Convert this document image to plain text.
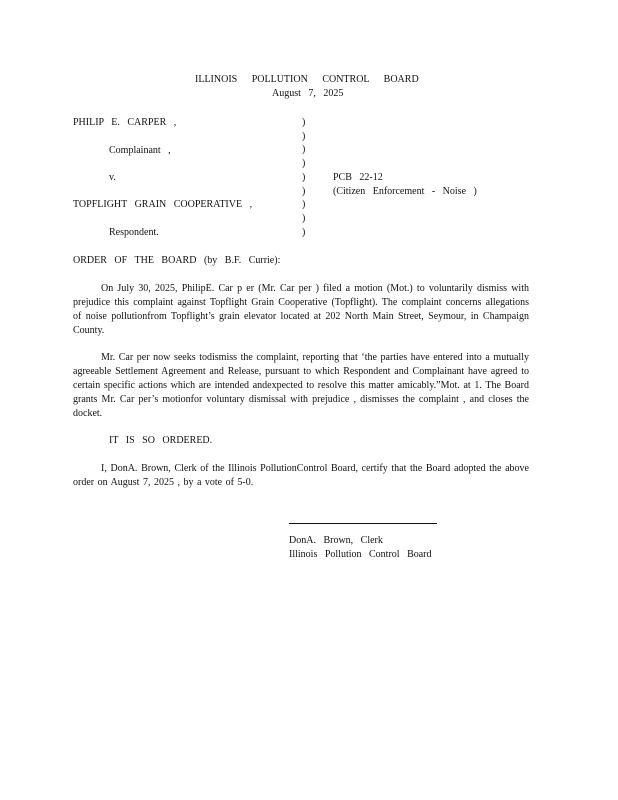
ILLINOIS POLLUTION CONTROL BOARD
August 7, 2025
PHILIP E. CARPER ,
Complainant ,
v.
TOPFLIGHT GRAIN COOPERATIVE ,
Respondent.
)
)
)
)
)
)
)
)
)
PCB 22-12
(Citizen Enforcement - Noise )
ORDER OF THE BOARD (by B.F. Currie):

On July 30, 2025, PhilipE. Car p er (Mr. Car per ) filed a motion (Mot.) to voluntarily dismiss with prejudice this complaint against Topflight Grain Cooperative (Topflight). The complaint concerns allegations of noise pollutionfrom Topflight’s grain elevator located at 202 North Main Street, Seymour, in Champaign County.

Mr. Car per now seeks todismiss the complaint, reporting that ‘the parties have entered into a mutually agreeable Settlement Agreement and Release, pursuant to which Respondent and Complainant have agreed to certain specific actions which are intended andexpected to resolve this matter amicably.”Mot. at 1. The Board grants Mr. Car per’s motionfor voluntary dismissal with prejudice , dismisses the complaint , and closes the docket.

IT IS SO ORDERED.

I, DonA. Brown, Clerk of the Illinois PollutionControl Board, certify that the Board adopted the above order on August 7, 2025 , by a vote of 5-0.

DonA. Brown, Clerk
Illinois Pollution Control Board
